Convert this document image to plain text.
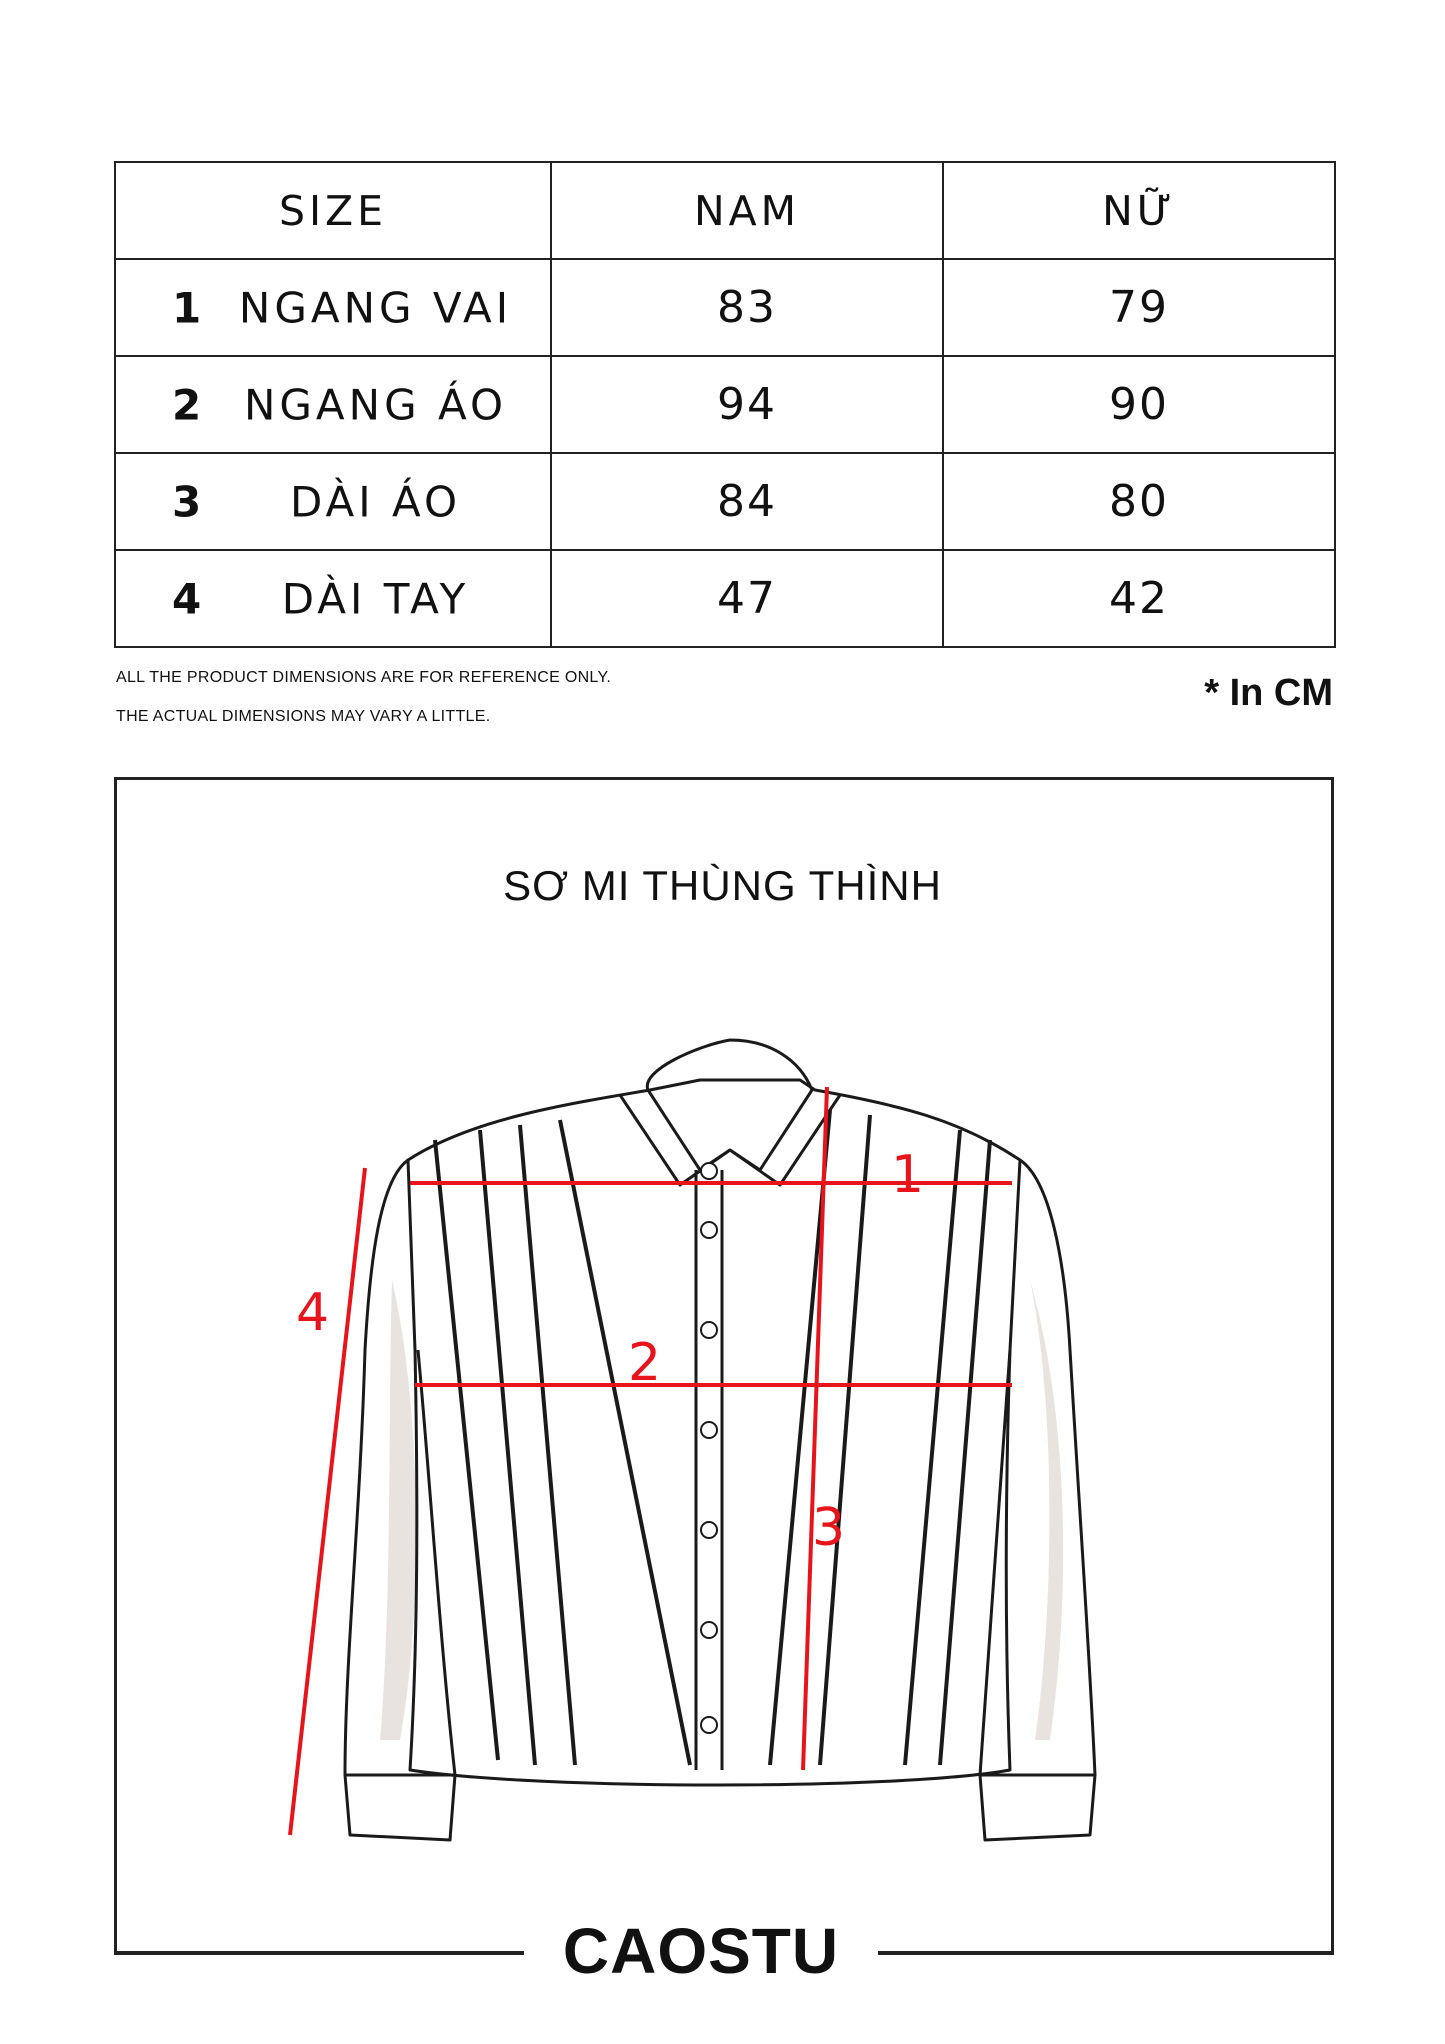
SIZE	NAM	NỮ

1 NGANG VAI	83	79

2 NGANG ÁO	94	90

3 DÀI ÁO	84	80

4 DÀI TAY	47	42
ALL THE PRODUCT DIMENSIONS ARE FOR REFERENCE ONLY.
THE ACTUAL DIMENSIONS MAY VARY A LITTLE.
* In CM
SƠ MI THÙNG THÌNH
CAOSTU
1
2
3
4
